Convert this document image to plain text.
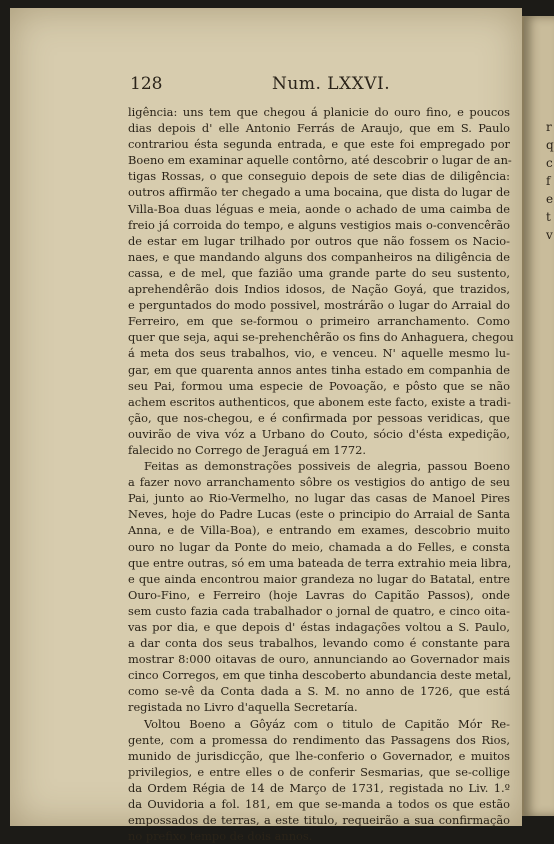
r
q
c
f
e
t
v
128	Num. LXXVI.
ligência: uns tem que chegou á planicie do ouro fino, e poucos
dias depois d' elle Antonio Ferrás de Araujo, que em S. Paulo
contrariou ésta segunda entrada, e que este foi empregado por
Boeno em examinar aquelle contôrno, até descobrir o lugar de an-
tigas Rossas, o que conseguio depois de sete dias de diligência:
outros affirmão ter chegado a uma bocaina, que dista do lugar de
Villa-Boa duas léguas e meia, aonde o achado de uma caimba de
freio já corroida do tempo, e alguns vestigios mais o-convencêrão
de estar em lugar trilhado por outros que não fossem os Nacio-
naes, e que mandando alguns dos companheiros na diligência de
cassa, e de mel, que fazião uma grande parte do seu sustento,
aprehendêrão dois Indios idosos, de Nação Goyá, que trazidos,
e perguntados do modo possivel, mostrárão o lugar do Arraial do
Ferreiro, em que se-formou o primeiro arranchamento. Como
quer que seja, aqui se-prehenchêrão os fins do Anhaguera, chegou
á meta dos seus trabalhos, vio, e venceu. N' aquelle mesmo lu-
gar, em que quarenta annos antes tinha estado em companhia de
seu Pai, formou uma especie de Povoação, e pôsto que se não
achem escritos authenticos, que abonem este facto, existe a tradi-
ção, que nos-chegou, e é confirmada por pessoas veridicas, que
ouvirão de viva vóz a Urbano do Couto, sócio d'ésta expedição,
falecido no Corrego de Jeraguá em 1772.
Feitas as demonstrações possiveis de alegria, passou Boeno
a fazer novo arranchamento sôbre os vestigios do antigo de seu
Pai, junto ao Rio-Vermelho, no lugar das casas de Manoel Pires
Neves, hoje do Padre Lucas (este o principio do Arraial de Santa
Anna, e de Villa-Boa), e entrando em exames, descobrio muito
ouro no lugar da Ponte do meio, chamada a do Felles, e consta
que entre outras, só em uma bateada de terra extrahio meia libra,
e que ainda encontrou maior grandeza no lugar do Batatal, entre
Ouro-Fino, e Ferreiro (hoje Lavras do Capitão Passos), onde
sem custo fazia cada trabalhador o jornal de quatro, e cinco oita-
vas por dia, e que depois d' éstas indagações voltou a S. Paulo,
a dar conta dos seus trabalhos, levando como é constante para
mostrar 8:000 oitavas de ouro, annunciando ao Governador mais
cinco Corregos, em que tinha descoberto abundancia deste metal,
como se-vê da Conta dada a S. M. no anno de 1726, que está
registada no Livro d'aquella Secretaría.
Voltou Boeno a Gôyáz com o titulo de Capitão Mór Re-
gente, com a promessa do rendimento das Passagens dos Rios,
munido de jurisdicção, que lhe-conferio o Governador, e muitos
privilegios, e entre elles o de conferir Sesmarias, que se-collige
da Ordem Régia de 14 de Março de 1731, registada no Liv. 1.º
da Ouvidoria a fol. 181, em que se-manda a todos os que estão
empossados de terras, a este titulo, requeirão a sua confirmação
no prefixo tempo de dois annos.
